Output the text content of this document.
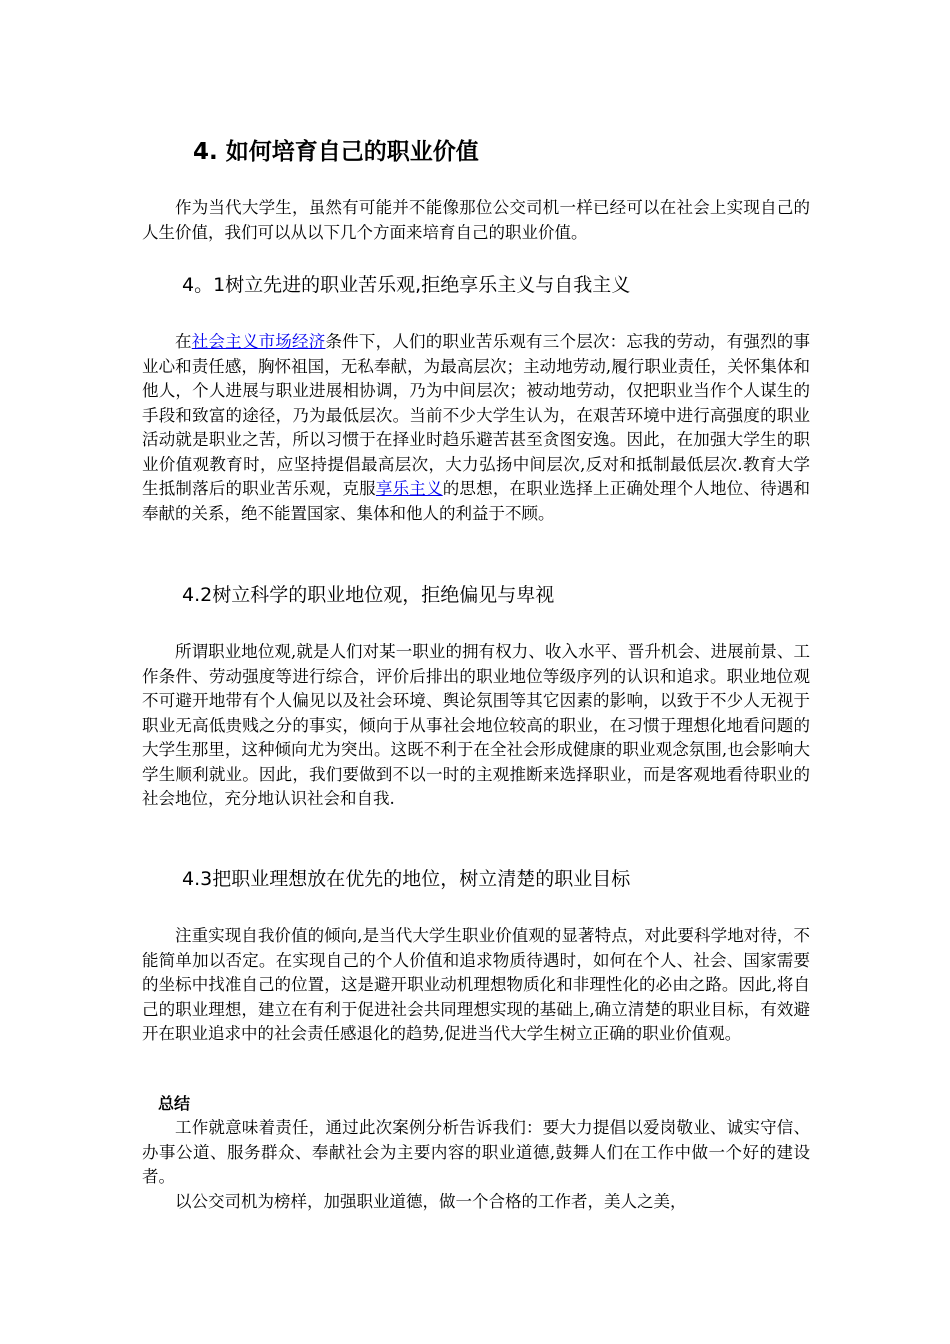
4. 如何培育自己的职业价值

作为当代大学生，虽然有可能并不能像那位公交司机一样已经可以在社会上实现自己的人生价值，我们可以从以下几个方面来培育自己的职业价值。

4。1树立先进的职业苦乐观,拒绝享乐主义与自我主义

在社会主义市场经济条件下，人们的职业苦乐观有三个层次：忘我的劳动，有强烈的事业心和责任感，胸怀祖国，无私奉献，为最高层次；主动地劳动,履行职业责任，关怀集体和他人，个人进展与职业进展相协调，乃为中间层次；被动地劳动，仅把职业当作个人谋生的手段和致富的途径，乃为最低层次。当前不少大学生认为，在艰苦环境中进行高强度的职业活动就是职业之苦，所以习惯于在择业时趋乐避苦甚至贪图安逸。因此，在加强大学生的职业价值观教育时，应坚持提倡最高层次，大力弘扬中间层次,反对和抵制最低层次.教育大学生抵制落后的职业苦乐观，克服享乐主义的思想，在职业选择上正确处理个人地位、待遇和奉献的关系，绝不能置国家、集体和他人的利益于不顾。

4.2树立科学的职业地位观，拒绝偏见与卑视

所谓职业地位观,就是人们对某一职业的拥有权力、收入水平、晋升机会、进展前景、工作条件、劳动强度等进行综合，评价后排出的职业地位等级序列的认识和追求。职业地位观不可避开地带有个人偏见以及社会环境、舆论氛围等其它因素的影响，以致于不少人无视于职业无高低贵贱之分的事实，倾向于从事社会地位较高的职业，在习惯于理想化地看问题的大学生那里，这种倾向尤为突出。这既不利于在全社会形成健康的职业观念氛围,也会影响大学生顺利就业。因此，我们要做到不以一时的主观推断来选择职业，而是客观地看待职业的社会地位，充分地认识社会和自我.

4.3把职业理想放在优先的地位，树立清楚的职业目标

注重实现自我价值的倾向,是当代大学生职业价值观的显著特点，对此要科学地对待，不能简单加以否定。在实现自己的个人价值和追求物质待遇时，如何在个人、社会、国家需要的坐标中找准自己的位置，这是避开职业动机理想物质化和非理性化的必由之路。因此,将自己的职业理想，建立在有利于促进社会共同理想实现的基础上,确立清楚的职业目标，有效避开在职业追求中的社会责任感退化的趋势,促进当代大学生树立正确的职业价值观。

总结

工作就意味着责任，通过此次案例分析告诉我们：要大力提倡以爱岗敬业、诚实守信、办事公道、服务群众、奉献社会为主要内容的职业道德,鼓舞人们在工作中做一个好的建设者。

以公交司机为榜样，加强职业道德，做一个合格的工作者，美人之美，
